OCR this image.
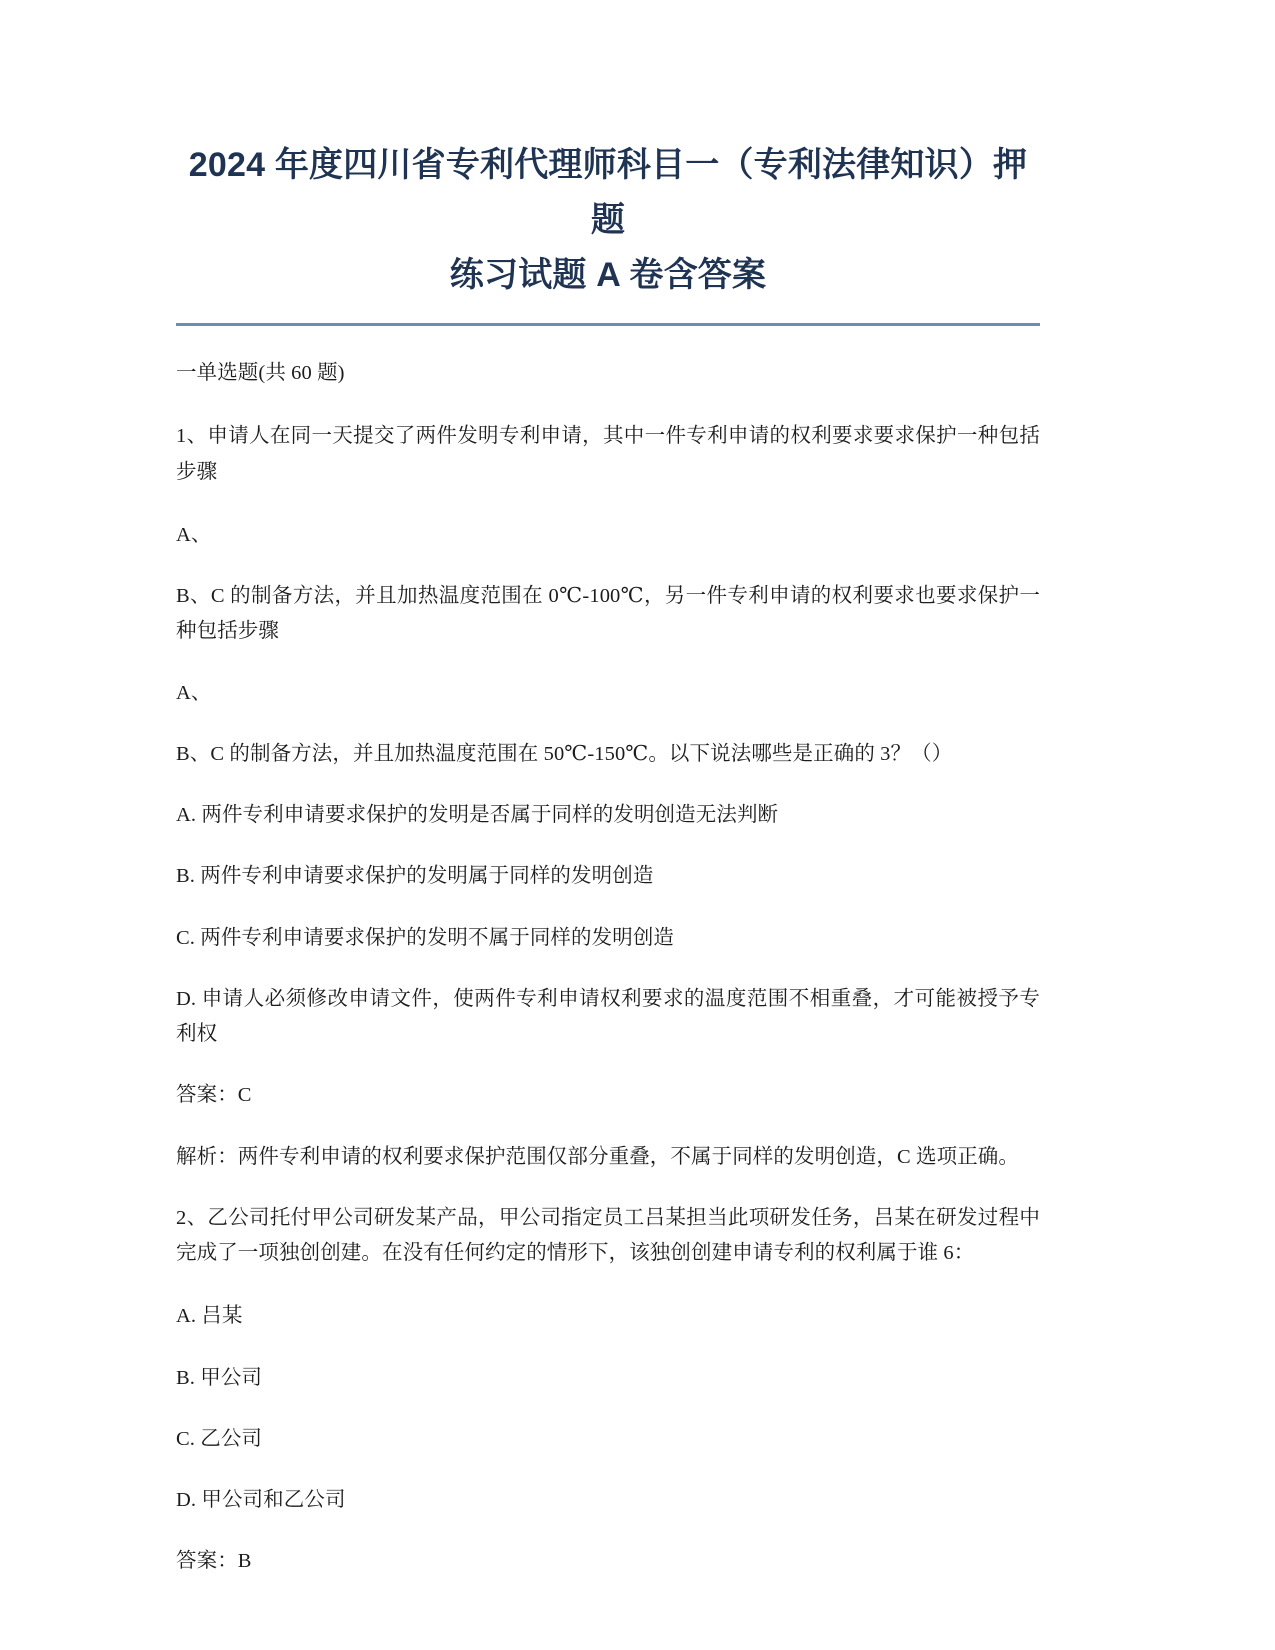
2024 年度四川省专利代理师科目一（专利法律知识）押题
练习试题 A 卷含答案

一单选题(共 60 题)

1、申请人在同一天提交了两件发明专利申请，其中一件专利申请的权利要求要求保护一种包括步骤

A、

B、C 的制备方法，并且加热温度范围在 0℃-100℃，另一件专利申请的权利要求也要求保护一种包括步骤

A、

B、C 的制备方法，并且加热温度范围在 50℃-150℃。以下说法哪些是正确的 3？（）

A. 两件专利申请要求保护的发明是否属于同样的发明创造无法判断

B. 两件专利申请要求保护的发明属于同样的发明创造

C. 两件专利申请要求保护的发明不属于同样的发明创造

D. 申请人必须修改申请文件，使两件专利申请权利要求的温度范围不相重叠，才可能被授予专利权

答案：C

解析：两件专利申请的权利要求保护范围仅部分重叠，不属于同样的发明创造，C 选项正确。

2、乙公司托付甲公司研发某产品，甲公司指定员工吕某担当此项研发任务，吕某在研发过程中完成了一项独创创建。在没有任何约定的情形下，该独创创建申请专利的权利属于谁 6：

A. 吕某

B. 甲公司

C. 乙公司

D. 甲公司和乙公司

答案：B
